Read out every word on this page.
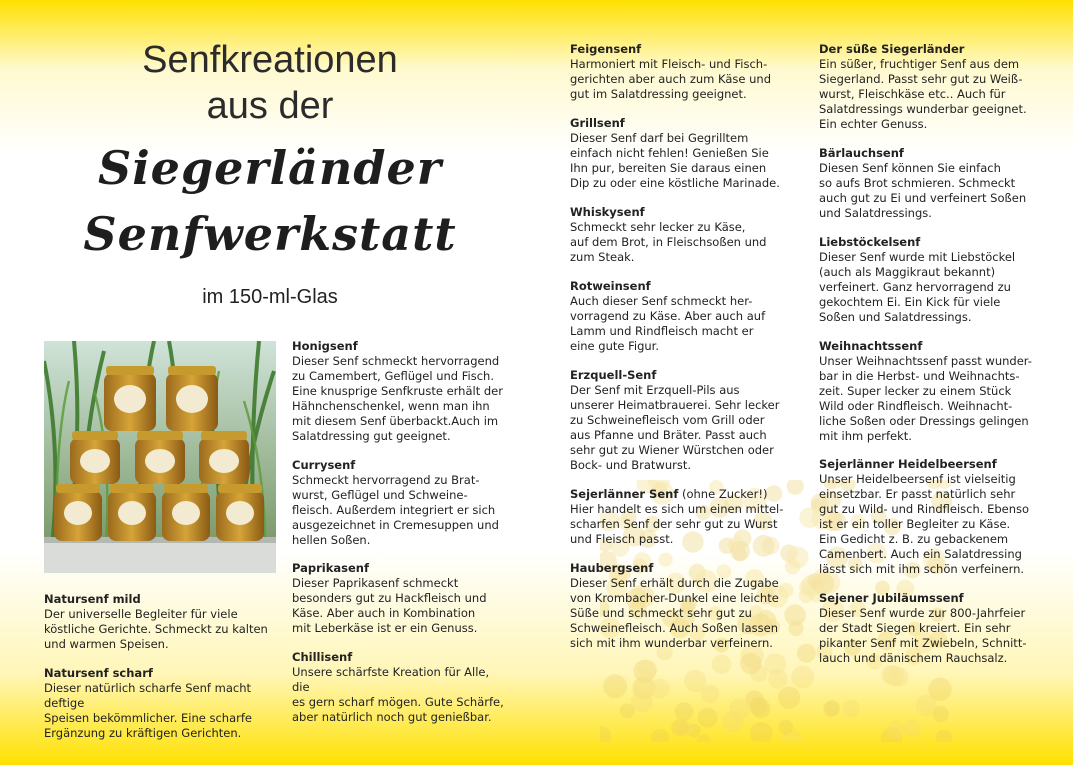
Senfkreationen
aus der
Siegerländer
Senfwerkstatt
im 150-ml-Glas
Natursenf mild

Der universelle Begleiter für viele

köstliche Gerichte. Schmeckt zu kalten

und warmen Speisen.

Natursenf scharf

Dieser natürlich scharfe Senf macht deftige

Speisen bekömmlicher. Eine scharfe

Ergänzung zu kräftigen Gerichten.

Honigsenf

Dieser Senf schmeckt hervorragend

zu Camembert, Geflügel und Fisch.

Eine knusprige Senfkruste erhält der

Hähnchenschenkel, wenn man ihn

mit diesem Senf überbackt.Auch im

Salatdressing gut geeignet.

Currysenf

Schmeckt hervorragend zu Brat-

wurst, Geflügel und Schweine-

fleisch. Außerdem integriert er sich

ausgezeichnet in Cremesuppen und

hellen Soßen.

Paprikasenf

Dieser Paprikasenf schmeckt

besonders gut zu Hackfleisch und

Käse. Aber auch in Kombination

mit Leberkäse ist er ein Genuss.

Chillisenf

Unsere schärfste Kreation für Alle, die

es gern scharf mögen. Gute Schärfe,

aber natürlich noch gut genießbar.

Feigensenf

Harmoniert mit Fleisch- und Fisch-

gerichten aber auch zum Käse und

gut im Salatdressing geeignet.

Grillsenf

Dieser Senf darf bei Gegrilltem

einfach nicht fehlen! Genießen Sie

Ihn pur, bereiten Sie daraus einen

Dip zu oder eine köstliche Marinade.

Whiskysenf

Schmeckt sehr lecker zu Käse,

auf dem Brot, in Fleischsoßen und

zum Steak.

Rotweinsenf

Auch dieser Senf schmeckt her-

vorragend zu Käse. Aber auch auf

Lamm und Rindfleisch macht er

eine gute Figur.

Erzquell-Senf

Der Senf mit Erzquell-Pils aus

unserer Heimatbrauerei. Sehr lecker

zu Schweinefleisch vom Grill oder

aus Pfanne und Bräter. Passt auch

sehr gut zu Wiener Würstchen oder

Bock- und Bratwurst.

Sejerlänner Senf (ohne Zucker!)

Hier handelt es sich um einen mittel-

scharfen Senf der sehr gut zu Wurst

und Fleisch passt.

Haubergsenf

Dieser Senf erhält durch die Zugabe

von Krombacher-Dunkel eine leichte

Süße und schmeckt sehr gut zu

Schweinefleisch. Auch Soßen lassen

sich mit ihm wunderbar verfeinern.

Der süße Siegerländer

Ein süßer, fruchtiger Senf aus dem

Siegerland. Passt sehr gut zu Weiß-

wurst, Fleischkäse etc.. Auch für

Salatdressings wunderbar geeignet.

Ein echter Genuss.

Bärlauchsenf

Diesen Senf können Sie einfach

so aufs Brot schmieren. Schmeckt

auch gut zu Ei und verfeinert Soßen

und Salatdressings.

Liebstöckelsenf

Dieser Senf wurde mit Liebstöckel

(auch als Maggikraut bekannt)

verfeinert. Ganz hervorragend zu

gekochtem Ei. Ein Kick für viele

Soßen und Salatdressings.

Weihnachtssenf

Unser Weihnachtssenf passt wunder-

bar in die Herbst- und Weihnachts-

zeit. Super lecker zu einem Stück

Wild oder Rindfleisch. Weihnacht-

liche Soßen oder Dressings gelingen

mit ihm perfekt.

Sejerlänner Heidelbeersenf

Unser Heidelbeersenf ist vielseitig

einsetzbar. Er passt natürlich sehr

gut zu Wild- und Rindfleisch. Ebenso

ist er ein toller Begleiter zu Käse.

Ein Gedicht z. B. zu gebackenem

Camenbert. Auch ein Salatdressing

lässt sich mit ihm schön verfeinern.

Sejener Jubiläumssenf

Dieser Senf wurde zur 800-Jahrfeier

der Stadt Siegen kreiert. Ein sehr

pikanter Senf mit Zwiebeln, Schnitt-

lauch und dänischem Rauchsalz.
